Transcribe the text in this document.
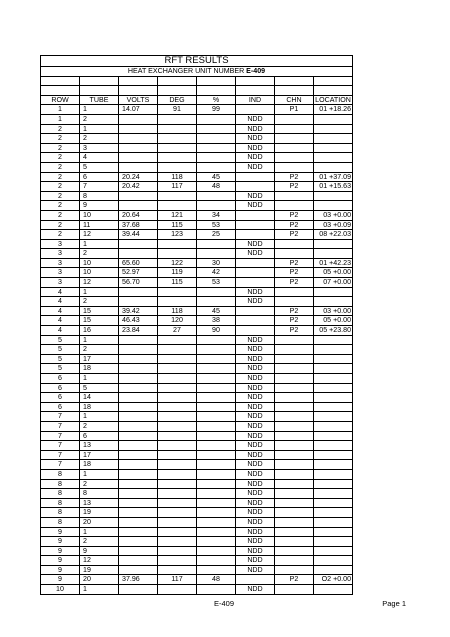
RFT RESULTS							
HEAT EXCHANGER UNIT NUMBER E-409							

ROW	TUBE	VOLTS	DEG	%	IND	CHN	LOCATION
1	1	14.07	91	99		P1	01 +18.26
1	2				NDD		
2	1				NDD		
2	2				NDD		
2	3				NDD		
2	4				NDD		
2	5				NDD		
2	6	20.24	118	45		P2	01 +37.09
2	7	20.42	117	48		P2	01 +15.63
2	8				NDD		
2	9				NDD		
2	10	20.64	121	34		P2	03 +0.00
2	11	37.68	115	53		P2	03 +0.09
2	12	39.44	123	25		P2	08 +22.03
3	1				NDD		
3	2				NDD		
3	10	65.60	122	30		P2	01 +42.23
3	10	52.97	119	42		P2	05 +0.00
3	12	56.70	115	53		P2	07 +0.00
4	1				NDD		
4	2				NDD		
4	15	39.42	118	45		P2	03 +0.00
4	15	46.43	120	38		P2	05 +0.00
4	16	23.84	27	90		P2	05 +23.80
5	1				NDD		
5	2				NDD		
5	17				NDD		
5	18				NDD		
6	1				NDD		
6	5				NDD		
6	14				NDD		
6	18				NDD		
7	1				NDD		
7	2				NDD		
7	6				NDD		
7	13				NDD		
7	17				NDD		
7	18				NDD		
8	1				NDD		
8	2				NDD		
8	8				NDD		
8	13				NDD		
8	19				NDD		
8	20				NDD		
9	1				NDD		
9	2				NDD		
9	9				NDD		
9	12				NDD		
9	19				NDD		
9	20	37.96	117	48		P2	O2 +0.00
10	1				NDD		
E-409	Page 1
